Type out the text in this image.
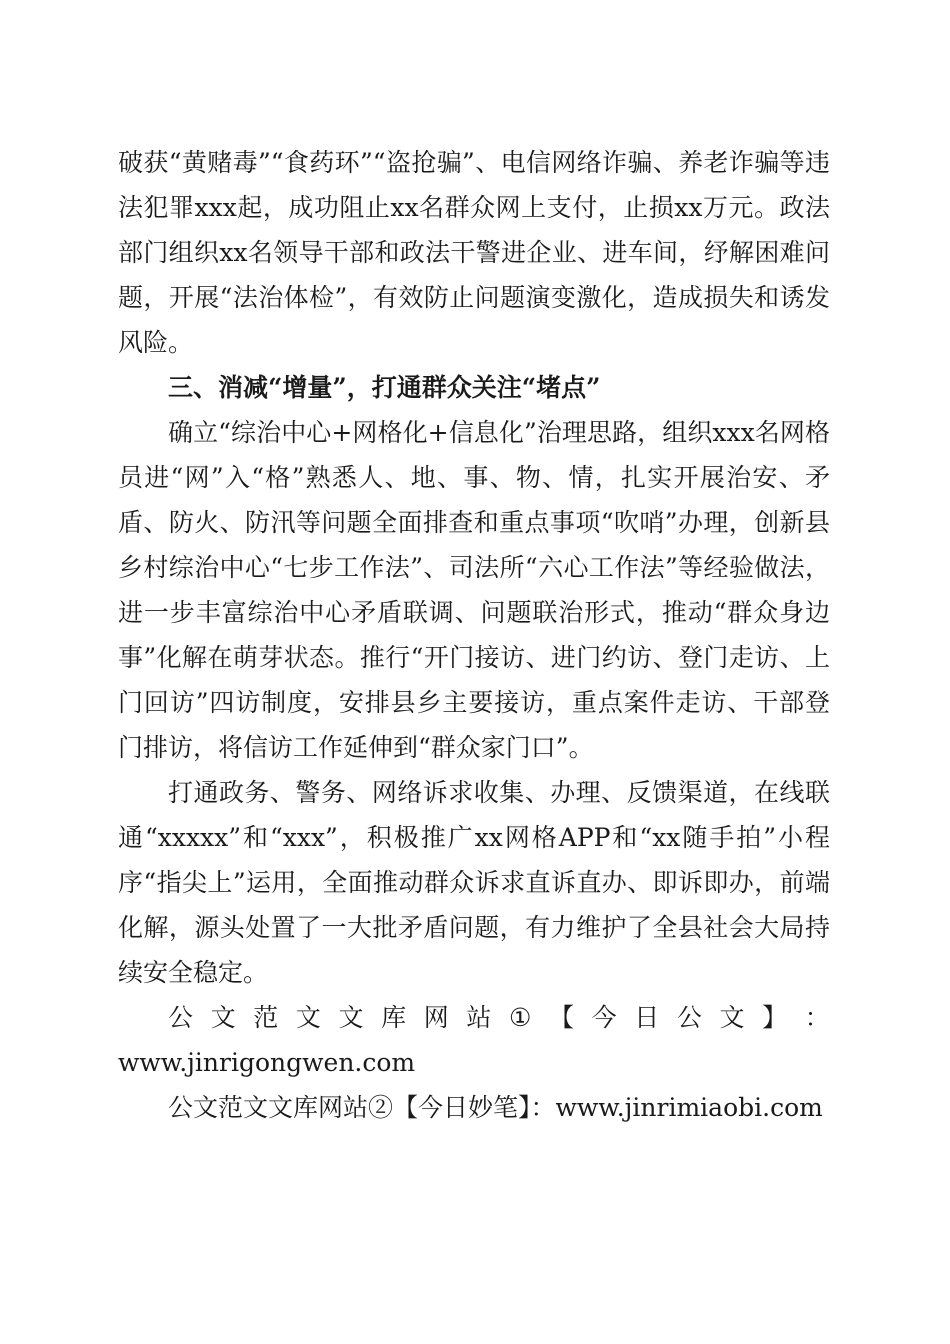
破获“黄赌毒”“食药环”“盗抢骗”、电信网络诈骗、养老诈骗等违法犯罪xxx起，成功阻止xx名群众网上支付，止损xx万元。政法部门组织xx名领导干部和政法干警进企业、进车间，纾解困难问题，开展“法治体检”，有效防止问题演变激化，造成损失和诱发风险。

三、消减“增量”，打通群众关注“堵点”

确立“综治中心+网格化+信息化”治理思路，组织xxx名网格员进“网”入“格”熟悉人、地、事、物、情，扎实开展治安、矛盾、防火、防汛等问题全面排查和重点事项“吹哨”办理，创新县乡村综治中心“七步工作法”、司法所“六心工作法”等经验做法，进一步丰富综治中心矛盾联调、问题联治形式，推动“群众身边事”化解在萌芽状态。推行“开门接访、进门约访、登门走访、上门回访”四访制度，安排县乡主要接访，重点案件走访、干部登门排访，将信访工作延伸到“群众家门口”。

打通政务、警务、网络诉求收集、办理、反馈渠道，在线联通“xxxxx”和“xxx”，积极推广xx网格APP和“xx随手拍”小程序“指尖上”运用，全面推动群众诉求直诉直办、即诉即办，前端化解，源头处置了一大批矛盾问题，有力维护了全县社会大局持续安全稳定。

公 文 范 文 文 库 网 站 ① 【 今 日 公 文 】 ：

www.jinrigongwen.com

公文范文文库网站②【今日妙笔】：www.jinrimiaobi.com
